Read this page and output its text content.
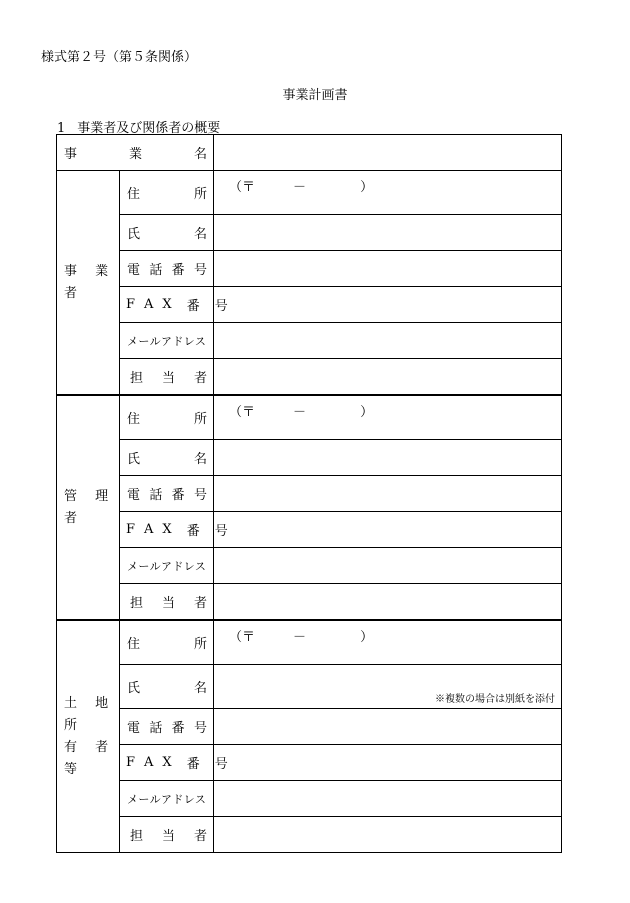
様式第２号（第５条関係）
事業計画書
1 事業者及び関係者の概要
事 業 名		

事 業 者	住 所	（ 〒 － ）

	氏 名	

	電 話 番 号	

	F A X 番 号	

	メールアドレス	

	担 当 者	

管 理 者	住 所	（ 〒 － ）

	氏 名	

	電 話 番 号	

	F A X 番 号	

	メールアドレス	

	担 当 者	

土 地 所
有 者 等	住 所	（ 〒 － ）

	氏 名	※複数の場合は別紙を添付

	電 話 番 号	

	F A X 番 号	

	メールアドレス	

	担 当 者	
